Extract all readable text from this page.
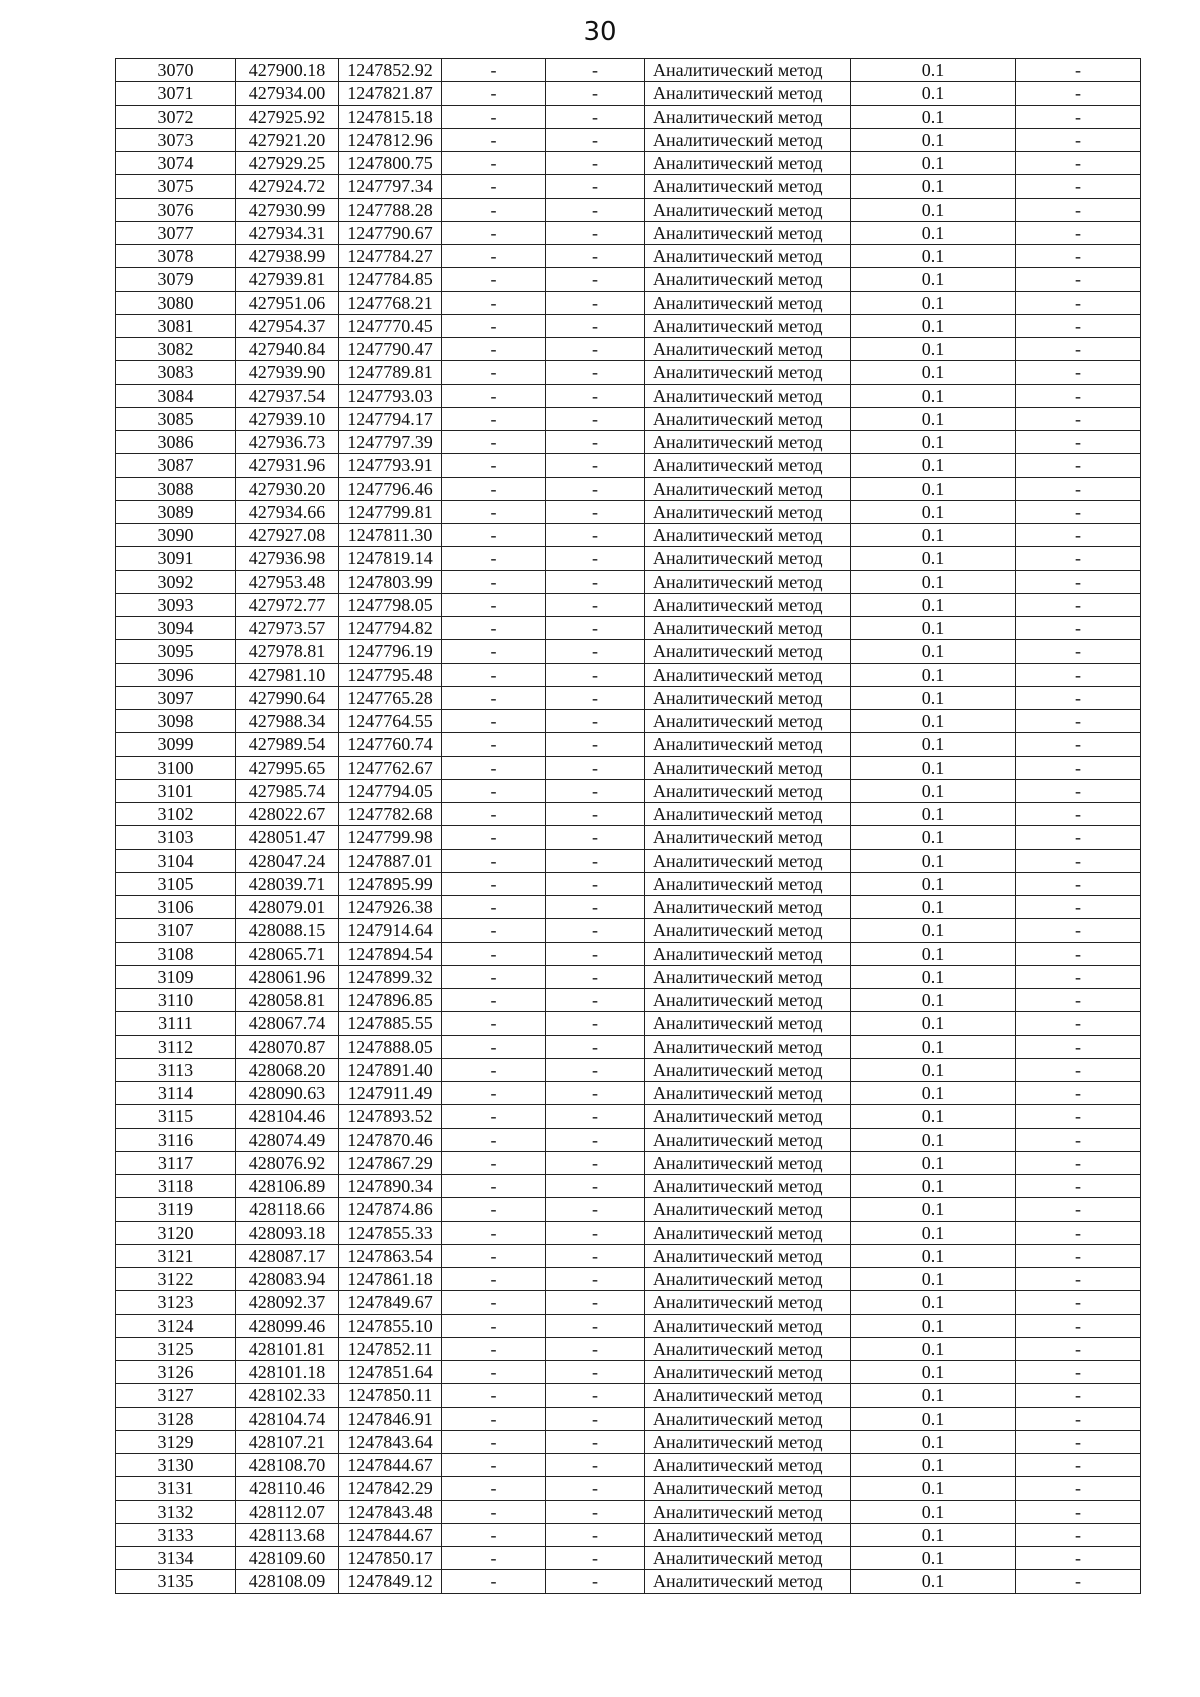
30
3070	427900.18	1247852.92	-	-	Аналитический метод	0.1	-
3071	427934.00	1247821.87	-	-	Аналитический метод	0.1	-
3072	427925.92	1247815.18	-	-	Аналитический метод	0.1	-
3073	427921.20	1247812.96	-	-	Аналитический метод	0.1	-
3074	427929.25	1247800.75	-	-	Аналитический метод	0.1	-
3075	427924.72	1247797.34	-	-	Аналитический метод	0.1	-
3076	427930.99	1247788.28	-	-	Аналитический метод	0.1	-
3077	427934.31	1247790.67	-	-	Аналитический метод	0.1	-
3078	427938.99	1247784.27	-	-	Аналитический метод	0.1	-
3079	427939.81	1247784.85	-	-	Аналитический метод	0.1	-
3080	427951.06	1247768.21	-	-	Аналитический метод	0.1	-
3081	427954.37	1247770.45	-	-	Аналитический метод	0.1	-
3082	427940.84	1247790.47	-	-	Аналитический метод	0.1	-
3083	427939.90	1247789.81	-	-	Аналитический метод	0.1	-
3084	427937.54	1247793.03	-	-	Аналитический метод	0.1	-
3085	427939.10	1247794.17	-	-	Аналитический метод	0.1	-
3086	427936.73	1247797.39	-	-	Аналитический метод	0.1	-
3087	427931.96	1247793.91	-	-	Аналитический метод	0.1	-
3088	427930.20	1247796.46	-	-	Аналитический метод	0.1	-
3089	427934.66	1247799.81	-	-	Аналитический метод	0.1	-
3090	427927.08	1247811.30	-	-	Аналитический метод	0.1	-
3091	427936.98	1247819.14	-	-	Аналитический метод	0.1	-
3092	427953.48	1247803.99	-	-	Аналитический метод	0.1	-
3093	427972.77	1247798.05	-	-	Аналитический метод	0.1	-
3094	427973.57	1247794.82	-	-	Аналитический метод	0.1	-
3095	427978.81	1247796.19	-	-	Аналитический метод	0.1	-
3096	427981.10	1247795.48	-	-	Аналитический метод	0.1	-
3097	427990.64	1247765.28	-	-	Аналитический метод	0.1	-
3098	427988.34	1247764.55	-	-	Аналитический метод	0.1	-
3099	427989.54	1247760.74	-	-	Аналитический метод	0.1	-
3100	427995.65	1247762.67	-	-	Аналитический метод	0.1	-
3101	427985.74	1247794.05	-	-	Аналитический метод	0.1	-
3102	428022.67	1247782.68	-	-	Аналитический метод	0.1	-
3103	428051.47	1247799.98	-	-	Аналитический метод	0.1	-
3104	428047.24	1247887.01	-	-	Аналитический метод	0.1	-
3105	428039.71	1247895.99	-	-	Аналитический метод	0.1	-
3106	428079.01	1247926.38	-	-	Аналитический метод	0.1	-
3107	428088.15	1247914.64	-	-	Аналитический метод	0.1	-
3108	428065.71	1247894.54	-	-	Аналитический метод	0.1	-
3109	428061.96	1247899.32	-	-	Аналитический метод	0.1	-
3110	428058.81	1247896.85	-	-	Аналитический метод	0.1	-
3111	428067.74	1247885.55	-	-	Аналитический метод	0.1	-
3112	428070.87	1247888.05	-	-	Аналитический метод	0.1	-
3113	428068.20	1247891.40	-	-	Аналитический метод	0.1	-
3114	428090.63	1247911.49	-	-	Аналитический метод	0.1	-
3115	428104.46	1247893.52	-	-	Аналитический метод	0.1	-
3116	428074.49	1247870.46	-	-	Аналитический метод	0.1	-
3117	428076.92	1247867.29	-	-	Аналитический метод	0.1	-
3118	428106.89	1247890.34	-	-	Аналитический метод	0.1	-
3119	428118.66	1247874.86	-	-	Аналитический метод	0.1	-
3120	428093.18	1247855.33	-	-	Аналитический метод	0.1	-
3121	428087.17	1247863.54	-	-	Аналитический метод	0.1	-
3122	428083.94	1247861.18	-	-	Аналитический метод	0.1	-
3123	428092.37	1247849.67	-	-	Аналитический метод	0.1	-
3124	428099.46	1247855.10	-	-	Аналитический метод	0.1	-
3125	428101.81	1247852.11	-	-	Аналитический метод	0.1	-
3126	428101.18	1247851.64	-	-	Аналитический метод	0.1	-
3127	428102.33	1247850.11	-	-	Аналитический метод	0.1	-
3128	428104.74	1247846.91	-	-	Аналитический метод	0.1	-
3129	428107.21	1247843.64	-	-	Аналитический метод	0.1	-
3130	428108.70	1247844.67	-	-	Аналитический метод	0.1	-
3131	428110.46	1247842.29	-	-	Аналитический метод	0.1	-
3132	428112.07	1247843.48	-	-	Аналитический метод	0.1	-
3133	428113.68	1247844.67	-	-	Аналитический метод	0.1	-
3134	428109.60	1247850.17	-	-	Аналитический метод	0.1	-
3135	428108.09	1247849.12	-	-	Аналитический метод	0.1	-
